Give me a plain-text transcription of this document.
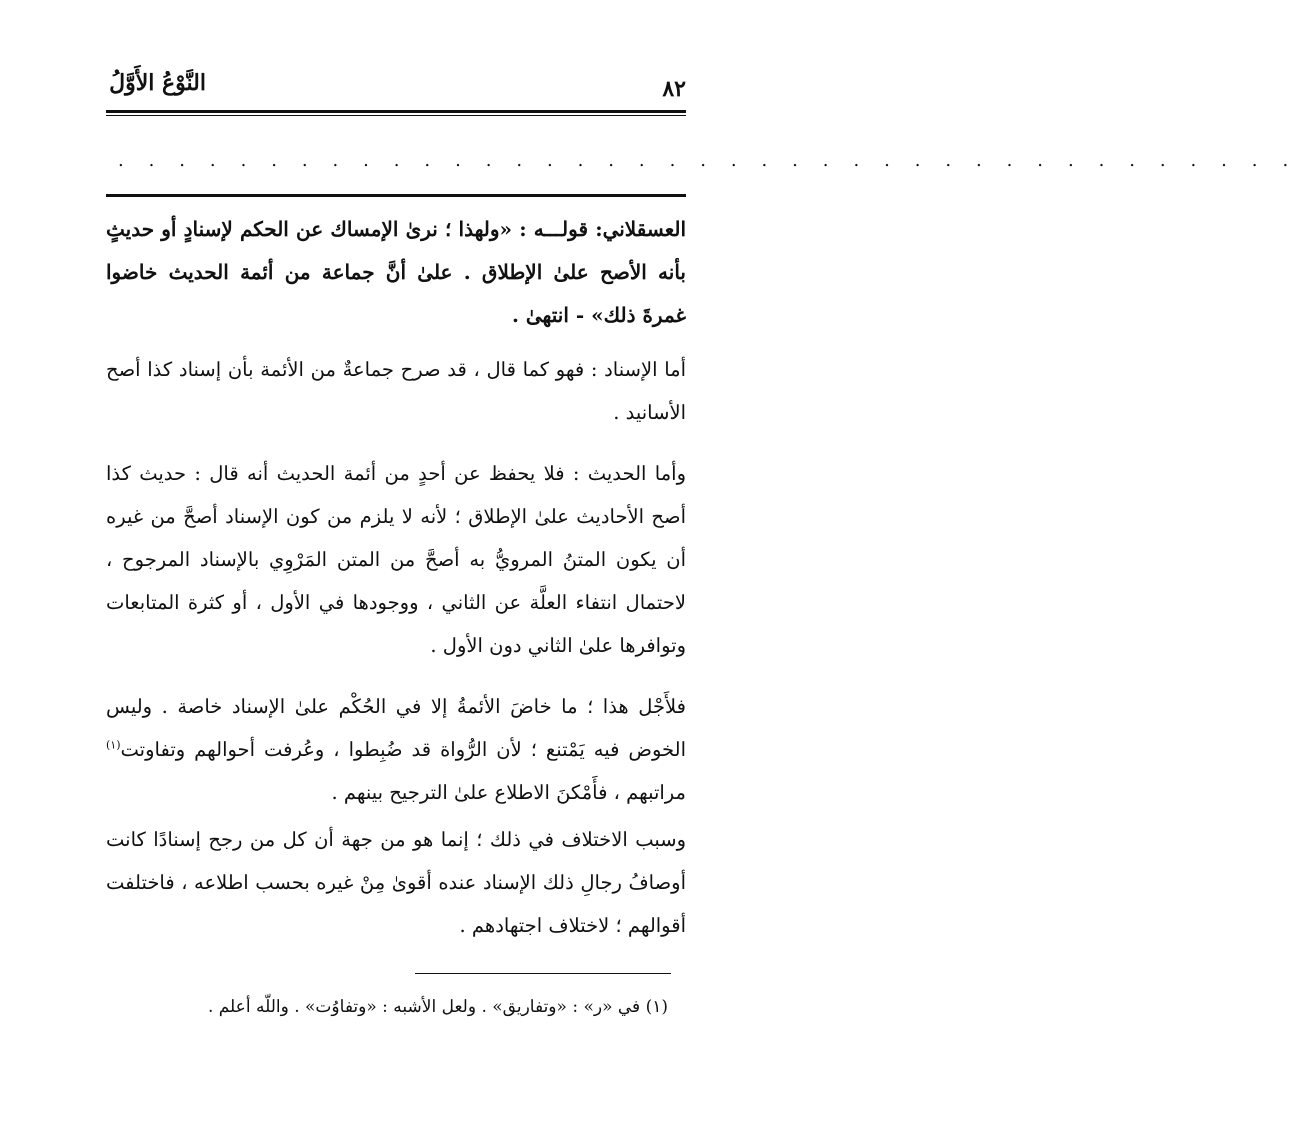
٨٢
النَّوْعُ الأَوَّلُ
. . . . . . . . . . . . . . . . . . . . . . . . . . . . . . . . . . . . . . .
العسقلاني: قولـــه : «ولهذا ؛ نرىٰ الإمساك عن الحكم لإسنادٍ أو حديثٍ بأنه الأصح علىٰ الإطلاق . علىٰ أنَّ جماعة من أئمة الحديث خاضوا غمرةَ ذلك» - انتهىٰ .
أما الإسناد : فهو كما قال ، قد صرح جماعةٌ من الأئمة بأن إسناد كذا أصح الأسانيد .
وأما الحديث : فلا يحفظ عن أحدٍ من أئمة الحديث أنه قال : حديث كذا أصح الأحاديث علىٰ الإطلاق ؛ لأنه لا يلزم من كون الإسناد أصحَّ من غيره أن يكون المتنُ المرويُّ به أصحَّ من المتن المَرْوِي بالإسناد المرجوح ، لاحتمال انتفاء العلَّة عن الثاني ، ووجودها في الأول ، أو كثرة المتابعات وتوافرها علىٰ الثاني دون الأول .
فلأَجْل هذا ؛ ما خاضَ الأئمةُ إلا في الحُكْم علىٰ الإسناد خاصة . وليس الخوض فيه يَمْتنع ؛ لأن الرُّواة قد ضُبِطوا ، وعُرفت أحوالهم وتفاوتت$^{(١)}$ مراتبهم ، فأَمْكنَ الاطلاع علىٰ الترجيح بينهم .
وسبب الاختلاف في ذلك ؛ إنما هو من جهة أن كل من رجح إسنادًا كانت أوصافُ رجالِ ذلك الإسناد عنده أقوىٰ مِنْ غيره بحسب اطلاعه ، فاختلفت أقوالهم ؛ لاختلاف اجتهادهم .
(١) في «ر» : «وتفاريق» . ولعل الأشبه : «وتفاوُت» . واللّه أعلم .
